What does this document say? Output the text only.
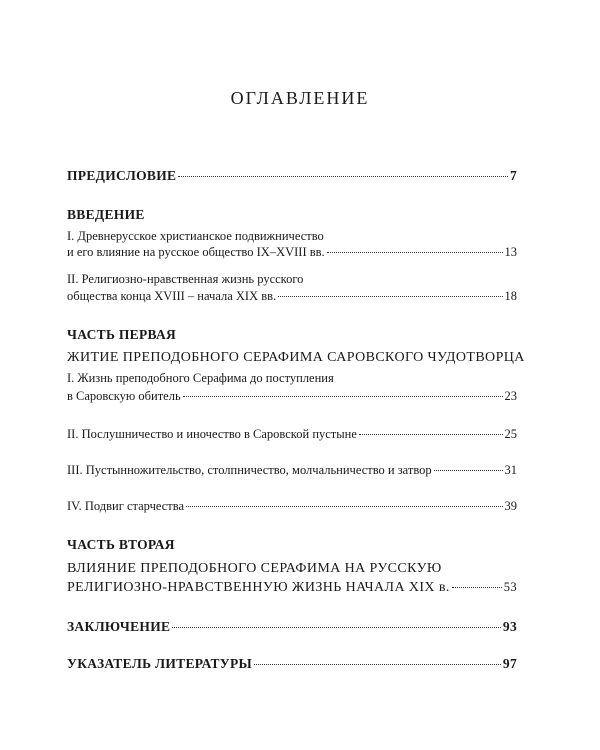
ОГЛАВЛЕНИЕ
ПРЕДИСЛОВИЕ	7
ВВЕДЕНИЕ
I. Древнерусское христианское подвижничество
и его влияние на русское общество IX–XVIII вв.	13
II. Религиозно-нравственная жизнь русского
общества конца XVIII – начала XIX вв.	18
ЧАСТЬ ПЕРВАЯ
ЖИТИЕ ПРЕПОДОБНОГО СЕРАФИМА САРОВСКОГО ЧУДОТВОРЦА
I. Жизнь преподобного Серафима до поступления
в Саровскую обитель	23
II. Послушничество и иночество в Саровской пустыне	25
III. Пустынножительство, столпничество, молчальничество и затвор	31
IV. Подвиг старчества	39
ЧАСТЬ ВТОРАЯ
ВЛИЯНИЕ ПРЕПОДОБНОГО СЕРАФИМА НА РУССКУЮ
РЕЛИГИОЗНО-НРАВСТВЕННУЮ ЖИЗНЬ НАЧАЛА XIX в.	53
ЗАКЛЮЧЕНИЕ	93
УКАЗАТЕЛЬ ЛИТЕРАТУРЫ	97
